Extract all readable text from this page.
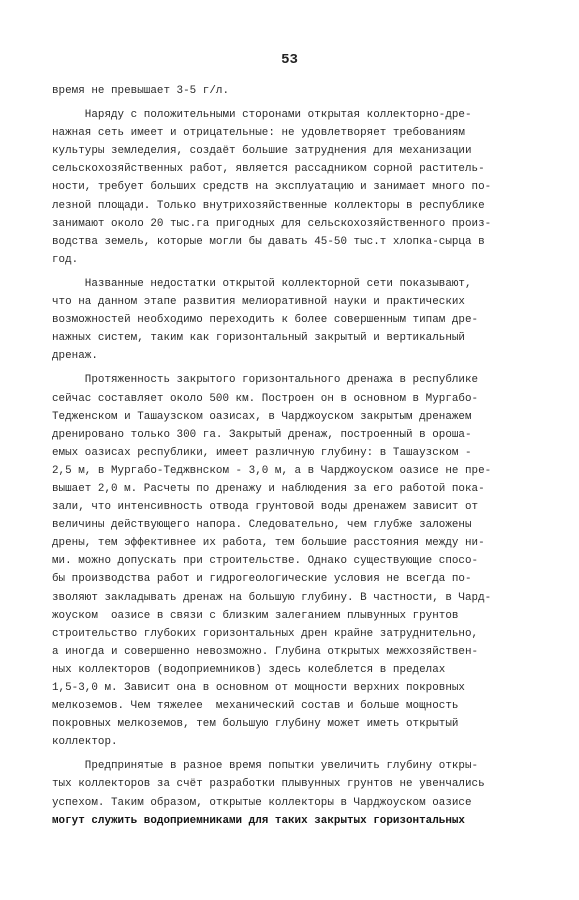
53
время не превышает 3-5 г/л.
Наряду с положительными сторонами открытая коллекторно-дре-
нажная сеть имеет и отрицательные: не удовлетворяет требованиям
культуры земледелия, создаёт большие затруднения для механизации
сельскохозяйственных работ, является рассадником сорной раститель-
ности, требует больших средств на эксплуатацию и занимает много по-
лезной площади. Только внутрихозяйственные коллекторы в республике
занимают около 20 тыс.га пригодных для сельскохозяйственного произ-
водства земель, которые могли бы давать 45-50 тыс.т хлопка-сырца в
год.
Названные недостатки открытой коллекторной сети показывают,
что на данном этапе развития мелиоративной науки и практических
возможностей необходимо переходить к более совершенным типам дре-
нажных систем, таким как горизонтальный закрытый и вертикальный
дренаж.
Протяженность закрытого горизонтального дренажа в республике
сейчас составляет около 500 км. Построен он в основном в Мургабо-
Тедженском и Ташаузском оазисах, в Чарджоуском закрытым дренажем
дренировано только 300 га. Закрытый дренаж, построенный в ороша-
емых оазисах республики, имеет различную глубину: в Ташаузском -
2,5 м, в Мургабо-Теджвнском - 3,0 м, а в Чарджоуском оазисе не пре-
вышает 2,0 м. Расчеты по дренажу и наблюдения за его работой пока-
зали, что интенсивность отвода грунтовой воды дренажем зависит от
величины действующего напора. Следовательно, чем глубже заложены
дрены, тем эффективнее их работа, тем большие расстояния между ни-
ми. можно допускать при строительстве. Однако существующие спосо-
бы производства работ и гидрогеологические условия не всегда по-
зволяют закладывать дренаж на большую глубину. В частности, в Чард-
жоуском  оазисе в связи с близким залеганием плывунных грунтов
строительство глубоких горизонтальных дрен крайне затруднительно,
а иногда и совершенно невозможно. Глубина открытых межхозяйствен-
ных коллекторов (водоприемников) здесь колеблется в пределах
1,5-3,0 м. Зависит она в основном от мощности верхних покровных
мелкоземов. Чем тяжелее  механический состав и больше мощность
покровных мелкоземов, тем большую глубину может иметь открытый
коллектор.
Предпринятые в разное время попытки увеличить глубину откры-
тых коллекторов за счёт разработки плывунных грунтов не увенчались
успехом. Таким образом, открытые коллекторы в Чарджоуском оазисе
могут служить водоприемниками для таких закрытых горизонтальных
